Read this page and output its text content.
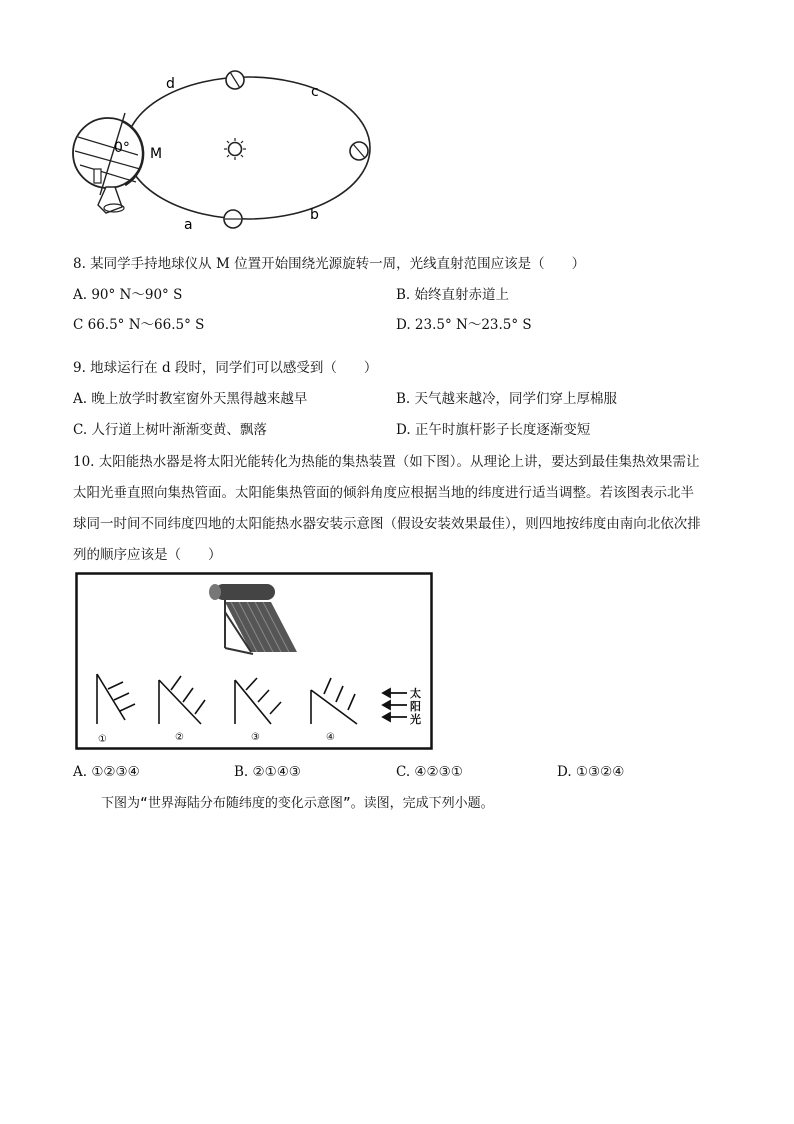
0°
d	c
a
b
M
8. 某同学手持地球仪从 M 位置开始围绕光源旋转一周，光线直射范围应该是（　　）
A. 90° N～90° S	B. 始终直射赤道上
C 66.5° N～66.5° S	D. 23.5° N～23.5° S
9. 地球运行在 d 段时，同学们可以感受到（　　）
A. 晚上放学时教室窗外天黑得越来越早	B. 天气越来越冷，同学们穿上厚棉服
C. 人行道上树叶渐渐变黄、飘落	D. 正午时旗杆影子长度逐渐变短
10. 太阳能热水器是将太阳光能转化为热能的集热装置（如下图）。从理论上讲，要达到最佳集热效果需让
太阳光垂直照向集热管面。太阳能集热管面的倾斜角度应根据当地的纬度进行适当调整。若该图表示北半
球同一时间不同纬度四地的太阳能热水器安装示意图（假设安装效果最佳），则四地按纬度由南向北依次排
列的顺序应该是（　　）
①	②	③	④
太阳光
A. ①②③④	B. ②①④③	C. ④②③①	D. ①③②④
下图为“世界海陆分布随纬度的变化示意图”。读图，完成下列小题。
